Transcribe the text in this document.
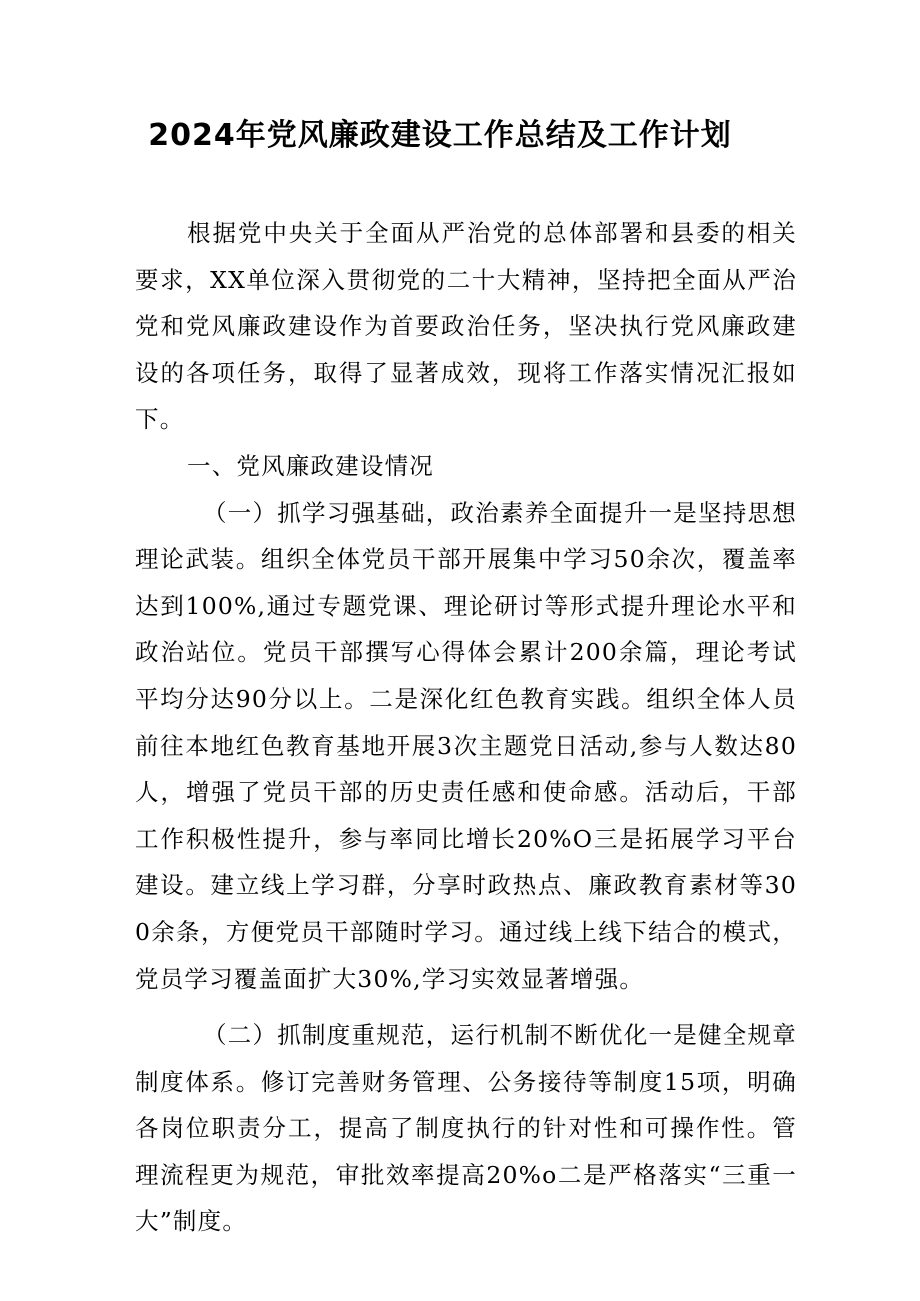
2024年党风廉政建设工作总结及工作计划

根据党中央关于全面从严治党的总体部署和县委的相关要求，XX单位深入贯彻党的二十大精神，坚持把全面从严治党和党风廉政建设作为首要政治任务，坚决执行党风廉政建设的各项任务，取得了显著成效，现将工作落实情况汇报如下。

一、党风廉政建设情况

（一）抓学习强基础，政治素养全面提升一是坚持思想理论武装。组织全体党员干部开展集中学习50余次，覆盖率达到100%,通过专题党课、理论研讨等形式提升理论水平和政治站位。党员干部撰写心得体会累计200余篇，理论考试平均分达90分以上。二是深化红色教育实践。组织全体人员前往本地红色教育基地开展3次主题党日活动,参与人数达80人，增强了党员干部的历史责任感和使命感。活动后，干部工作积极性提升，参与率同比增长20%O三是拓展学习平台建设。建立线上学习群，分享时政热点、廉政教育素材等300余条，方便党员干部随时学习。通过线上线下结合的模式，党员学习覆盖面扩大30%,学习实效显著增强。

（二）抓制度重规范，运行机制不断优化一是健全规章制度体系。修订完善财务管理、公务接待等制度15项，明确各岗位职责分工，提高了制度执行的针对性和可操作性。管理流程更为规范，审批效率提高20%o二是严格落实“三重一大”制度。
